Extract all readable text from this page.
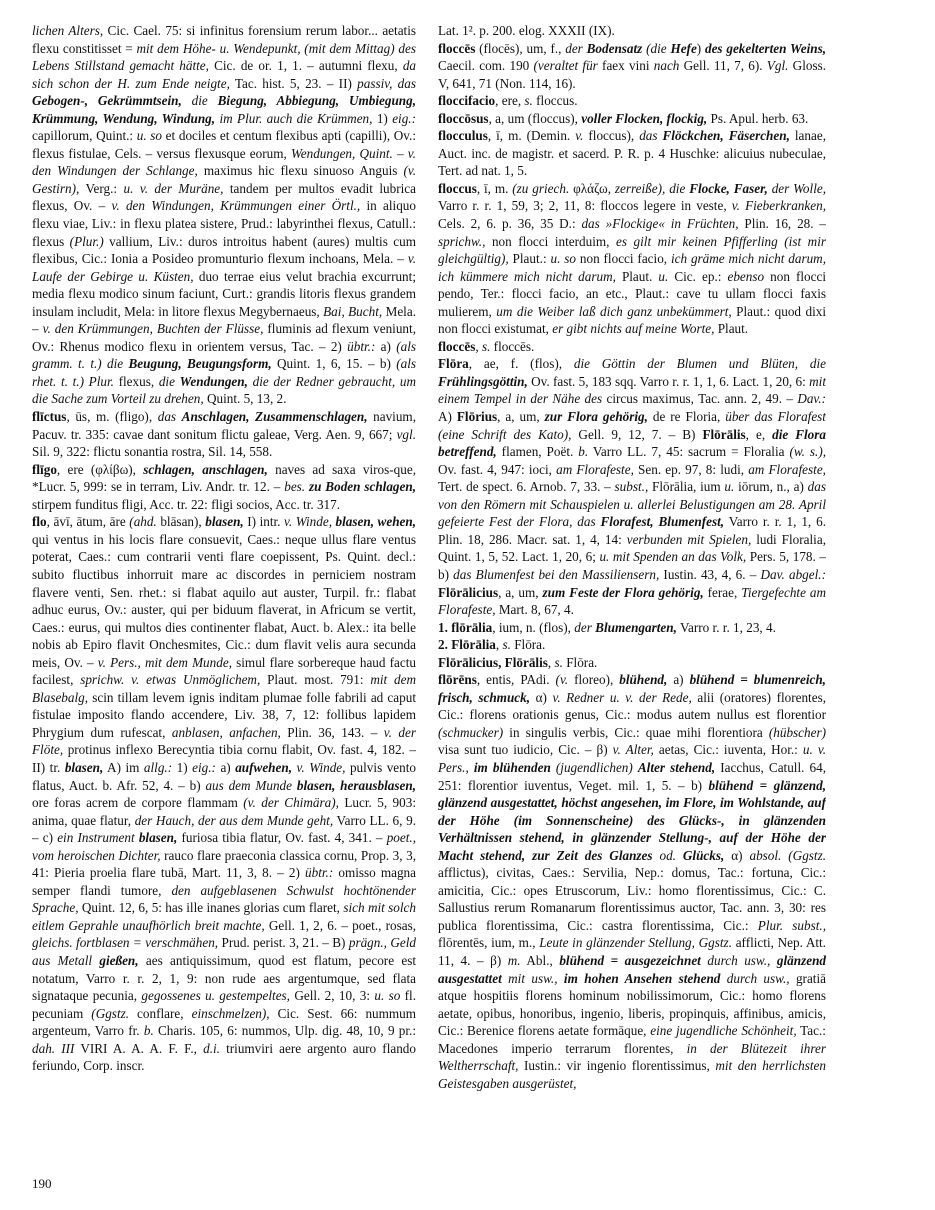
lichen Alters, Cic. Cael. 75: si infinitus forensium rerum labor... aetatis flexu constitisset = mit dem Höhe- u. Wendepunkt, (mit dem Mittag) des Lebens Stillstand gemacht hätte, Cic. de or. 1, 1. – autumni flexu, da sich schon der H. zum Ende neigte, Tac. hist. 5, 23. – II) passiv, das Gebogen-, Gekrümmtsein, die Biegung, Abbiegung, Umbiegung, Krümmung, Wendung, Windung, im Plur. auch die Krümmen, 1) eig.: capillorum, Quint.: u. so et dociles et centum flexibus apti (capilli), Ov.: flexus fistulae, Cels. – versus flexusque eorum, Wendungen, Quint. – v. den Windungen der Schlange, maximus hic flexu sinuoso Anguis (v. Gestirn), Verg.: u. v. der Muräne, tandem per multos evadit lubrica flexus, Ov. – v. den Windungen, Krümmungen einer Örtl., in aliquo flexu viae, Liv.: in flexu platea sistere, Prud.: labyrinthei flexus, Catull.: flexus (Plur.) vallium, Liv.: duros introitus habent (aures) multis cum flexibus, Cic.: Ionia a Posideo promunturio flexum inchoans, Mela. – v. Laufe der Gebirge u. Küsten, duo terrae eius velut brachia excurrunt; media flexu modico sinum faciunt, Curt.: grandis litoris flexus grandem insulam includit, Mela: in litore flexus Megybernaeus, Bai, Bucht, Mela. – v. den Krümmungen, Buchten der Flüsse, fluminis ad flexum veniunt, Ov.: Rhenus modico flexu in orientem versus, Tac. – 2) übtr.: a) (als gramm. t. t.) die Beugung, Beugungsform, Quint. 1, 6, 15. – b) (als rhet. t. t.) Plur. flexus, die Wendungen, die der Redner gebraucht, um die Sache zum Vorteil zu drehen, Quint. 5, 13, 2.

flīctus, ūs, m. (fligo), das Anschlagen, Zusammenschlagen, navium, Pacuv. tr. 335: cavae dant sonitum flictu galeae, Verg. Aen. 9, 667; vgl. Sil. 9, 322: flictu sonantia rostra, Sil. 14, 558.

flīgo, ere (φλίβω), schlagen, anschlagen, naves ad saxa viros-que, *Lucr. 5, 999: se in terram, Liv. Andr. tr. 12. – bes. zu Boden schlagen, stirpem funditus fligi, Acc. tr. 22: fligi socios, Acc. tr. 317.

flo, āvī, ātum, āre (ahd. blāsan), blasen, I) intr. v. Winde, blasen, wehen, qui ventus in his locis flare consuevit, Caes.: neque ullus flare ventus poterat, Caes.: cum contrarii venti flare coepissent, Ps. Quint. decl.: subito fluctibus inhorruit mare ac discordes in perniciem nostram flavere venti, Sen. rhet.: si flabat aquilo aut auster, Turpil. fr.: flabat adhuc eurus, Ov.: auster, qui per biduum flaverat, in Africum se vertit, Caes.: eurus, qui multos dies continenter flabat, Auct. b. Alex.: ita belle nobis ab Epiro flavit Onchesmites, Cic.: dum flavit velis aura secunda meis, Ov. – v. Pers., mit dem Munde, simul flare sorbereque haud factu facilest, sprichw. v. etwas Unmöglichem, Plaut. most. 791: mit dem Blasebalg, scin tillam levem ignis inditam plumae folle fabrili ad caput fistulae imposito flando accendere, Liv. 38, 7, 12: follibus lapidem Phrygium dum rufescat, anblasen, anfachen, Plin. 36, 143. – v. der Flöte, protinus inflexo Berecyntia tibia cornu flabit, Ov. fast. 4, 182. – II) tr. blasen, A) im allg.: 1) eig.: a) aufwehen, v. Winde, pulvis vento flatus, Auct. b. Afr. 52, 4. – b) aus dem Munde blasen, herausblasen, ore foras acrem de corpore flammam (v. der Chimära), Lucr. 5, 903: anima, quae flatur, der Hauch, der aus dem Munde geht, Varro LL. 6, 9. – c) ein Instrument blasen, furiosa tibia flatur, Ov. fast. 4, 341. – poet., vom heroischen Dichter, rauco flare praeconia classica cornu, Prop. 3, 3, 41: Pieria proelia flare tubā, Mart. 11, 3, 8. – 2) übtr.: omisso magna semper flandi tumore, den aufgeblasenen Schwulst hochtönender Sprache, Quint. 12, 6, 5: has ille inanes glorias cum flaret, sich mit solch eitlem Geprahle unaufhörlich breit machte, Gell. 1, 2, 6. – poet., rosas, gleichs. fortblasen = verschmähen, Prud. perist. 3, 21. – B) prägn., Geld aus Metall gießen, aes antiquissimum, quod est flatum, pecore est notatum, Varro r. r. 2, 1, 9: non rude aes argentumque, sed flata signataque pecunia, gegossenes u. gestempeltes, Gell. 2, 10, 3: u. so fl. pecuniam (Ggstz. conflare, einschmelzen), Cic. Sest. 66: nummum argenteum, Varro fr. b. Charis. 105, 6: nummos, Ulp. dig. 48, 10, 9 pr.: dah. III VIRI A. A. A. F. F., d.i. triumviri aere argento auro flando feriundo, Corp. inscr.

Lat. 1². p. 200. elog. XXXII (IX).

floccēs (flocēs), um, f., der Bodensatz (die Hefe) des gekelterten Weins, Caecil. com. 190 (veraltet für faex vini nach Gell. 11, 7, 6). Vgl. Gloss. V, 641, 71 (Non. 114, 16).

floccifacio, ere, s. floccus.

floccōsus, a, um (floccus), voller Flocken, flockig, Ps. Apul. herb. 63.

flocculus, ī, m. (Demin. v. floccus), das Flöckchen, Fäserchen, lanae, Auct. inc. de magistr. et sacerd. P. R. p. 4 Huschke: alicuius nubeculae, Tert. ad nat. 1, 5.

floccus, ī, m. (zu griech. φλάζω, zerreiße), die Flocke, Faser, der Wolle, Varro r. r. 1, 59, 3; 2, 11, 8: floccos legere in veste, v. Fieberkranken, Cels. 2, 6. p. 36, 35 D.: das »Flockige« in Früchten, Plin. 16, 28. – sprichw., non flocci interduim, es gilt mir keinen Pfifferling (ist mir gleichgültig), Plaut.: u. so non flocci facio, ich gräme mich nicht darum, ich kümmere mich nicht darum, Plaut. u. Cic. ep.: ebenso non flocci pendo, Ter.: flocci facio, an etc., Plaut.: cave tu ullam flocci faxis mulierem, um die Weiber laß dich ganz unbekümmert, Plaut.: quod dixi non flocci existumat, er gibt nichts auf meine Worte, Plaut.

floccēs, s. floccēs.

Flōra, ae, f. (flos), die Göttin der Blumen und Blüten, die Frühlingsgöttin, Ov. fast. 5, 183 sqq. Varro r. r. 1, 1, 6. Lact. 1, 20, 6: mit einem Tempel in der Nähe des circus maximus, Tac. ann. 2, 49. – Dav.: A) Flōrius, a, um, zur Flora gehörig, de re Floria, über das Florafest (eine Schrift des Kato), Gell. 9, 12, 7. – B) Flōrālis, e, die Flora betreffend, flamen, Poët. b. Varro LL. 7, 45: sacrum = Floralia (w. s.), Ov. fast. 4, 947: ioci, am Florafeste, Sen. ep. 97, 8: ludi, am Florafeste, Tert. de spect. 6. Arnob. 7, 33. – subst., Flōrālia, ium u. iōrum, n., a) das von den Römern mit Schauspielen u. allerlei Belustigungen am 28. April gefeierte Fest der Flora, das Florafest, Blumenfest, Varro r. r. 1, 1, 6. Plin. 18, 286. Macr. sat. 1, 4, 14: verbunden mit Spielen, ludi Floralia, Quint. 1, 5, 52. Lact. 1, 20, 6; u. mit Spenden an das Volk, Pers. 5, 178. – b) das Blumenfest bei den Massiliensern, Iustin. 43, 4, 6. – Dav. abgel.: Flōrālicius, a, um, zum Feste der Flora gehörig, ferae, Tiergefechte am Florafeste, Mart. 8, 67, 4.

1. flōrālia, ium, n. (flos), der Blumengarten, Varro r. r. 1, 23, 4.

2. Flōrālia, s. Flōra.

Flōrālicius, Flōrālis, s. Flōra.

flōrēns, entis, PAdi. (v. floreo), blühend, a) blühend = blumenreich, frisch, schmuck, α) v. Redner u. v. der Rede, alii (oratores) florentes, Cic.: florens orationis genus, Cic.: modus autem nullus est florentior (schmucker) in singulis verbis, Cic.: quae mihi florentiora (hübscher) visa sunt tuo iudicio, Cic. – β) v. Alter, aetas, Cic.: iuventa, Hor.: u. v. Pers., im blühenden (jugendlichen) Alter stehend, Iacchus, Catull. 64, 251: florentior iuventus, Veget. mil. 1, 5. – b) blühend = glänzend, glänzend ausgestattet, höchst angesehen, im Flore, im Wohlstande, auf der Höhe (im Sonnenscheine) des Glücks-, in glänzenden Verhältnissen stehend, in glänzender Stellung-, auf der Höhe der Macht stehend, zur Zeit des Glanzes od. Glücks, α) absol. (Ggstz. afflictus), civitas, Caes.: Servilia, Nep.: domus, Tac.: fortuna, Cic.: amicitia, Cic.: opes Etruscorum, Liv.: homo florentissimus, Cic.: C. Sallustius rerum Romanarum florentissimus auctor, Tac. ann. 3, 30: res publica florentissima, Cic.: castra florentissima, Cic.: Plur. subst., flōrentēs, ium, m., Leute in glänzender Stellung, Ggstz. afflicti, Nep. Att. 11, 4. – β) m. Abl., blühend = ausgezeichnet durch usw., glänzend ausgestattet mit usw., im hohen Ansehen stehend durch usw., gratiā atque hospitiis florens hominum nobilissimorum, Cic.: homo florens aetate, opibus, honoribus, ingenio, liberis, propinquis, affinibus, amicis, Cic.: Berenice florens aetate formāque, eine jugendliche Schönheit, Tac.: Macedones imperio terrarum florentes, in der Blütezeit ihrer Weltherrschaft, Iustin.: vir ingenio florentissimus, mit den herrlichsten Geistesgaben ausgerüstet,

190
